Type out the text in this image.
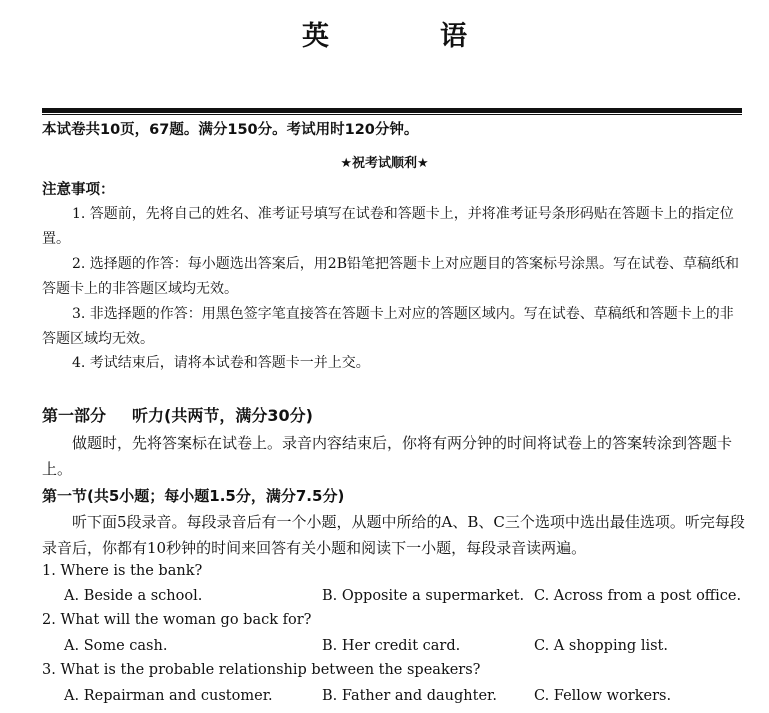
英　语
本试卷共10页，67题。满分150分。考试用时120分钟。
★祝考试顺利★
注意事项：
1. 答题前，先将自己的姓名、准考证号填写在试卷和答题卡上，并将准考证号条形码贴在答题卡上的指定位置。
2. 选择题的作答：每小题选出答案后，用2B铅笔把答题卡上对应题目的答案标号涂黑。写在试卷、草稿纸和答题卡上的非答题区域均无效。
3. 非选择题的作答：用黑色签字笔直接答在答题卡上对应的答题区域内。写在试卷、草稿纸和答题卡上的非答题区域均无效。
4. 考试结束后，请将本试卷和答题卡一并上交。
第一部分 听力(共两节，满分30分)
做题时，先将答案标在试卷上。录音内容结束后，你将有两分钟的时间将试卷上的答案转涂到答题卡上。
第一节(共5小题；每小题1.5分，满分7.5分)
听下面5段录音。每段录音后有一个小题，从题中所给的A、B、C三个选项中选出最佳选项。听完每段录音后，你都有10秒钟的时间来回答有关小题和阅读下一小题，每段录音读两遍。
1. Where is the bank?
A. Beside a school.	B. Opposite a supermarket. C. Across from a post office.
2. What will the woman go back for?
A. Some cash.	B. Her credit card.	C. A shopping list.
3. What is the probable relationship between the speakers?
A. Repairman and customer.	B. Father and daughter.	C. Fellow workers.
